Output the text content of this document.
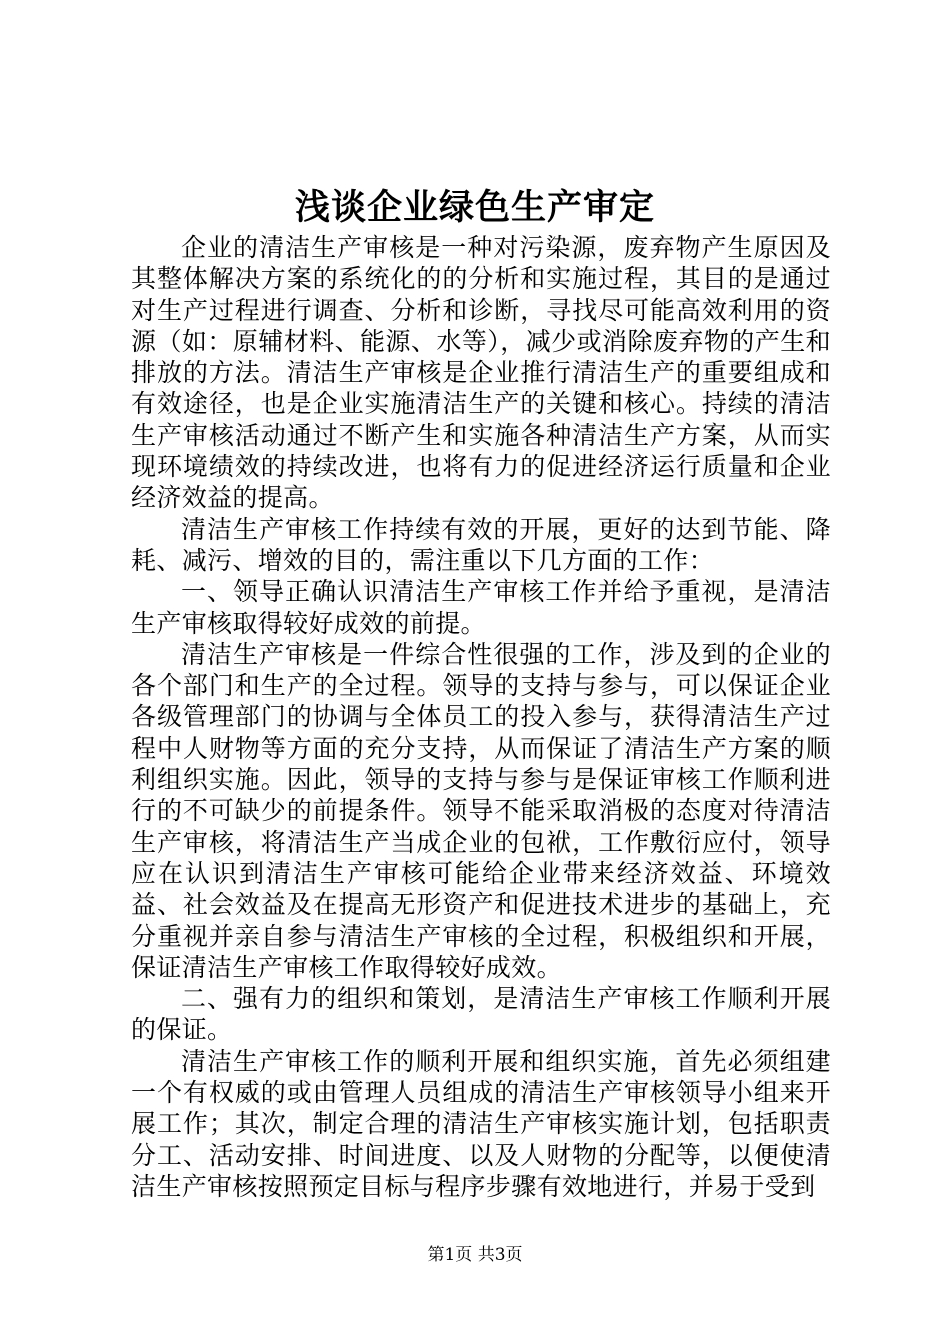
浅谈企业绿色生产审定

企业的清洁生产审核是一种对污染源，废弃物产生原因及其整体解决方案的系统化的的分析和实施过程，其目的是通过对生产过程进行调查、分析和诊断，寻找尽可能高效利用的资源（如：原辅材料、能源、水等），减少或消除废弃物的产生和排放的方法。清洁生产审核是企业推行清洁生产的重要组成和有效途径，也是企业实施清洁生产的关键和核心。持续的清洁生产审核活动通过不断产生和实施各种清洁生产方案，从而实现环境绩效的持续改进，也将有力的促进经济运行质量和企业经济效益的提高。

清洁生产审核工作持续有效的开展，更好的达到节能、降耗、减污、增效的目的，需注重以下几方面的工作：

一、领导正确认识清洁生产审核工作并给予重视，是清洁生产审核取得较好成效的前提。

清洁生产审核是一件综合性很强的工作，涉及到的企业的各个部门和生产的全过程。领导的支持与参与，可以保证企业各级管理部门的协调与全体员工的投入参与，获得清洁生产过程中人财物等方面的充分支持，从而保证了清洁生产方案的顺利组织实施。因此，领导的支持与参与是保证审核工作顺利进行的不可缺少的前提条件。领导不能采取消极的态度对待清洁生产审核，将清洁生产当成企业的包袱，工作敷衍应付，领导应在认识到清洁生产审核可能给企业带来经济效益、环境效益、社会效益及在提高无形资产和促进技术进步的基础上，充分重视并亲自参与清洁生产审核的全过程，积极组织和开展，保证清洁生产审核工作取得较好成效。

二、强有力的组织和策划，是清洁生产审核工作顺利开展的保证。

清洁生产审核工作的顺利开展和组织实施，首先必须组建一个有权威的或由管理人员组成的清洁生产审核领导小组来开展工作；其次，制定合理的清洁生产审核实施计划，包括职责分工、活动安排、时间进度、以及人财物的分配等，以便使清洁生产审核按照预定目标与程序步骤有效地进行，并易于受到

第1页 共3页
